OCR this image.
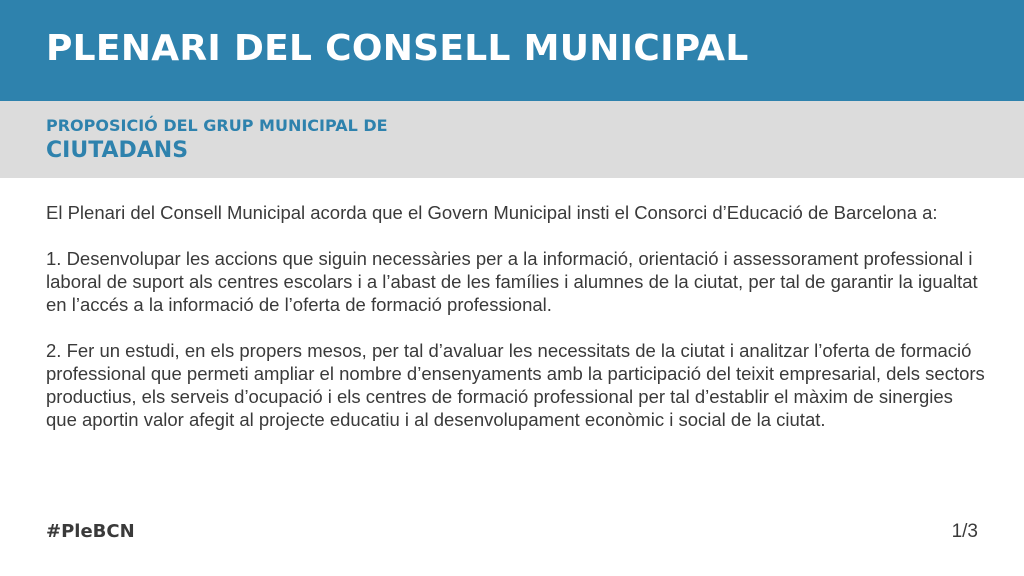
PLENARI DEL CONSELL MUNICIPAL
PROPOSICIÓ DEL GRUP MUNICIPAL DE
CIUTADANS

El Plenari del Consell Municipal acorda que el Govern Municipal insti el Consorci d’Educació de Barcelona a:

1. Desenvolupar les accions que siguin necessàries per a la informació, orientació i assessorament professional i laboral de suport als centres escolars i a l’abast de les famílies i alumnes de la ciutat, per tal de garantir la igualtat en l’accés a la informació de l’oferta de formació professional.

2. Fer un estudi, en els propers mesos, per tal d’avaluar les necessitats de la ciutat i analitzar l’oferta de formació professional que permeti ampliar el nombre d’ensenyaments amb la participació del teixit empresarial, dels sectors productius, els serveis d’ocupació i els centres de formació professional per tal d’establir el màxim de sinergies que aportin valor afegit al projecte educatiu i al desenvolupament econòmic i social de la ciutat.

#PleBCN	1/3
